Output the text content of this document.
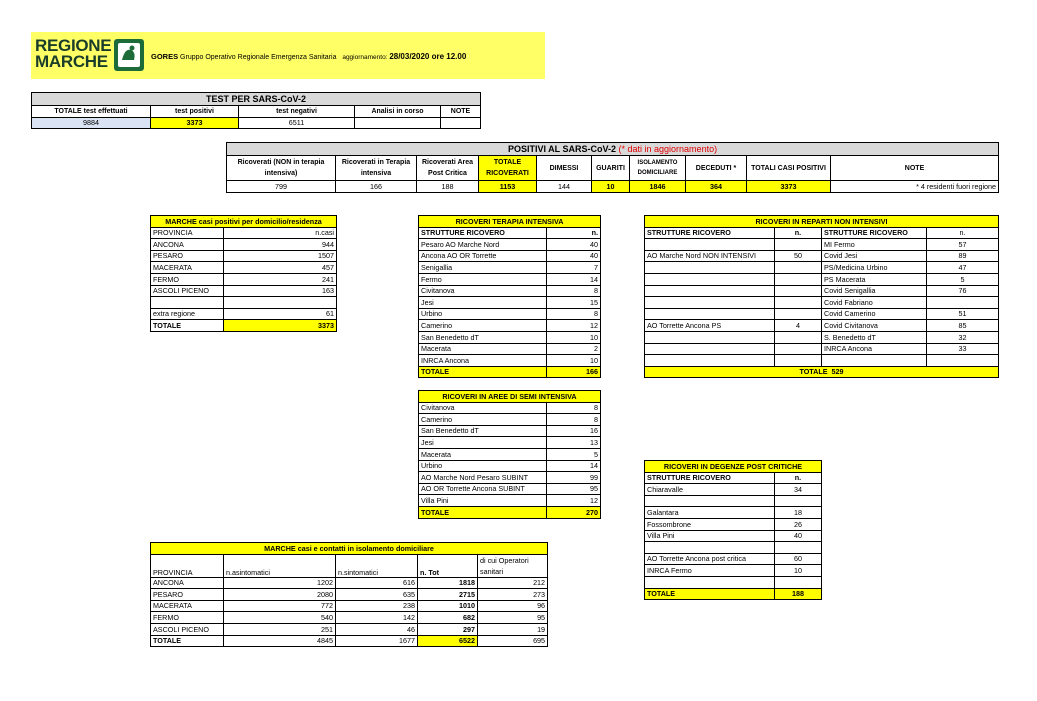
REGIONE
MARCHE	GORES Gruppo Operativo Regionale Emergenza Sanitaria aggiornamento: 28/03/2020 ore 12.00
TEST PER SARS-CoV-2				
TOTALE test effettuati	test positivi	test negativi	Analisi in corso	NOTE
9884	3373	6511		
POSITIVI AL SARS-CoV-2 (* dati in aggiornamento)									
Ricoverati (NON in terapia intensiva)	Ricoverati in Terapia intensiva	Ricoverati Area Post Critica	TOTALE RICOVERATI	DIMESSI	GUARITI	ISOLAMENTO DOMICILIARE	DECEDUTI *	TOTALI CASI POSITIVI	NOTE
799	166	188	1153	144	10	1846	364	3373	* 4 residenti fuori regione
MARCHE casi positivi per domicilio/residenza	
PROVINCIA	n.casi
ANCONA	944
PESARO	1507
MACERATA	457
FERMO	241
ASCOLI PICENO	163

extra regione	61
TOTALE	3373
RICOVERI TERAPIA INTENSIVA	
STRUTTURE RICOVERO	n.
Pesaro AO Marche Nord	40
Ancona AO OR Torrette	40
Senigallia	7
Fermo	14
Civitanova	8
Jesi	15
Urbino	8
Camerino	12
San Benedetto dT	10
Macerata	2
INRCA Ancona	10
TOTALE	166
RICOVERI IN AREE DI SEMI INTENSIVA	
Civitanova	8
Camerino	8
San Benedetto dT	16
Jesi	13
Macerata	5
Urbino	14
AO Marche Nord Pesaro SUBINT	99
AO OR Torrette Ancona SUBINT	95
Villa Pini	12
TOTALE	270
RICOVERI IN REPARTI NON INTENSIVI			
STRUTTURE RICOVERO	n.	STRUTTURE RICOVERO	n.
		MI Fermo	57
AO Marche Nord NON INTENSIVI	50	Covid Jesi	89
		PS/Medicina Urbino	47
		PS Macerata	5
		Covid Senigallia	76
		Covid Fabriano	
		Covid Camerino	51
AO Torrette Ancona PS	4	Covid Civitanova	85
		S. Benedetto dT	32
		INRCA Ancona	33

TOTALE 529			
RICOVERI IN DEGENZE POST CRITICHE	
STRUTTURE RICOVERO	n.
Chiaravalle	34

Galantara	18
Fossombrone	26
Villa Pini	40

AO Torrette Ancona post critica	60
INRCA Fermo	10

TOTALE	188
MARCHE casi e contatti in isolamento domiciliare				
PROVINCIA	n.asintomatici	n.sintomatici	n. Tot	di cui Operatori sanitari
ANCONA	1202	616	1818	212
PESARO	2080	635	2715	273
MACERATA	772	238	1010	96
FERMO	540	142	682	95
ASCOLI PICENO	251	46	297	19
TOTALE	4845	1677	6522	695
